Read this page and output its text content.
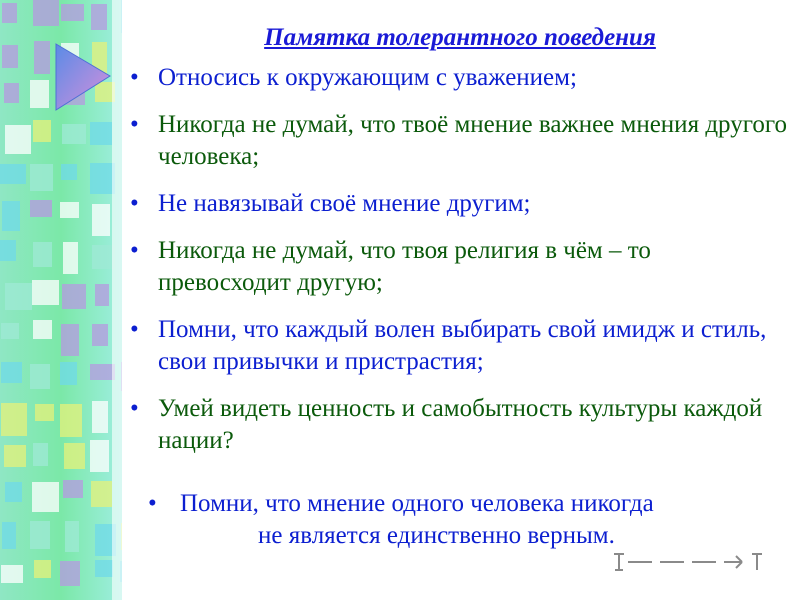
Памятка толерантного поведения
• Относись к окружающим с уважением;
• Никогда не думай, что твоё мнение важнее мнения другого человека;
• Не навязывай своё мнение другим;
• Никогда не думай, что твоя религия в чём – то превосходит другую;
• Помни, что каждый волен выбирать свой имидж и стиль, свои привычки и пристрастия;
• Умей видеть ценность и самобытность культуры каждой нации?
• Помни, что мнение одного человека никогда
не является единственно верным.
